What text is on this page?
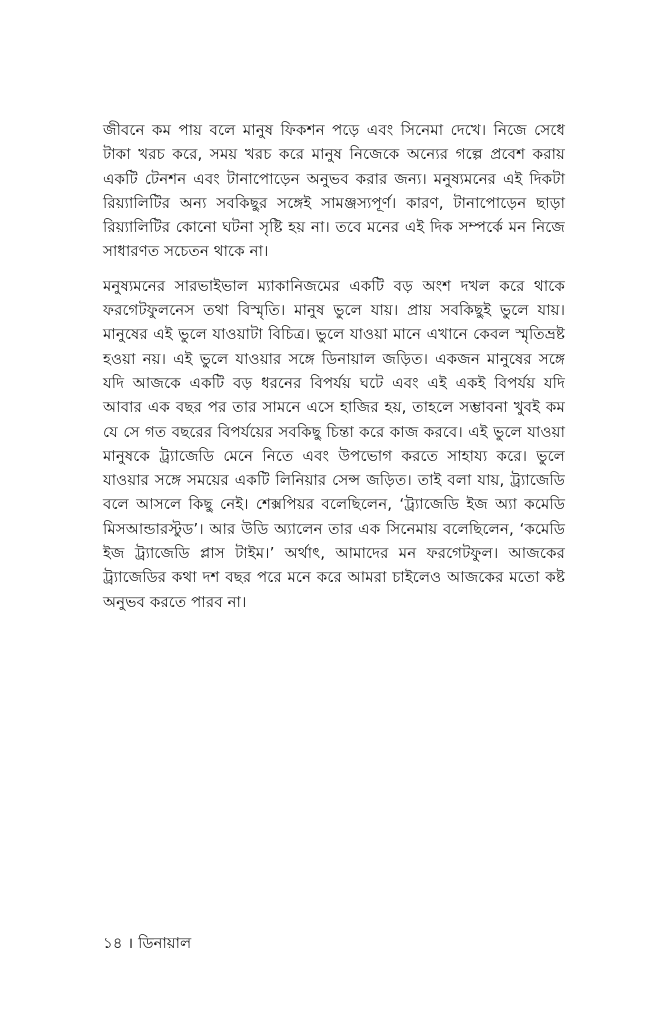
জীবনে কম পায় বলে মানুষ ফিকশন পড়ে এবং সিনেমা দেখে। নিজে সেধে টাকা খরচ করে, সময় খরচ করে মানুষ নিজেকে অন্যের গল্পে প্রবেশ করায় একটি টেনশন এবং টানাপোড়েন অনুভব করার জন্য। মনুষ্যমনের এই দিকটা রিয়্যালিটির অন্য সবকিছুর সঙ্গেই সামঞ্জস্যপূর্ণ। কারণ, টানাপোড়েন ছাড়া রিয়্যালিটির কোনো ঘটনা সৃষ্টি হয় না। তবে মনের এই দিক সম্পর্কে মন নিজে সাধারণত সচেতন থাকে না।

মনুষ্যমনের সারভাইভাল ম্যাকানিজমের একটি বড় অংশ দখল করে থাকে ফরগেটফুলনেস তথা বিস্মৃতি। মানুষ ভুলে যায়। প্রায় সবকিছুই ভুলে যায়। মানুষের এই ভুলে যাওয়াটা বিচিত্র। ভুলে যাওয়া মানে এখানে কেবল স্মৃতিভ্রষ্ট হওয়া নয়। এই ভুলে যাওয়ার সঙ্গে ডিনায়াল জড়িত। একজন মানুষের সঙ্গে যদি আজকে একটি বড় ধরনের বিপর্যয় ঘটে এবং এই একই বিপর্যয় যদি আবার এক বছর পর তার সামনে এসে হাজির হয়, তাহলে সম্ভাবনা খুবই কম যে সে গত বছরের বিপর্যয়ের সবকিছু চিন্তা করে কাজ করবে। এই ভুলে যাওয়া মানুষকে ট্র্যাজেডি মেনে নিতে এবং উপভোগ করতে সাহায্য করে। ভুলে যাওয়ার সঙ্গে সময়ের একটি লিনিয়ার সেন্স জড়িত। তাই বলা যায়, ট্র্যাজেডি বলে আসলে কিছু নেই। শেক্সপিয়র বলেছিলেন, ‘ট্র্যাজেডি ইজ অ্যা কমেডি মিসআন্ডারস্টুড’। আর উডি অ্যালেন তার এক সিনেমায় বলেছিলেন, ‘কমেডি ইজ ট্র্যাজেডি প্লাস টাইম।’ অর্থাৎ, আমাদের মন ফরগেটফুল। আজকের ট্র্যাজেডির কথা দশ বছর পরে মনে করে আমরা চাইলেও আজকের মতো কষ্ট অনুভব করতে পারব না।

১৪ । ডিনায়াল
